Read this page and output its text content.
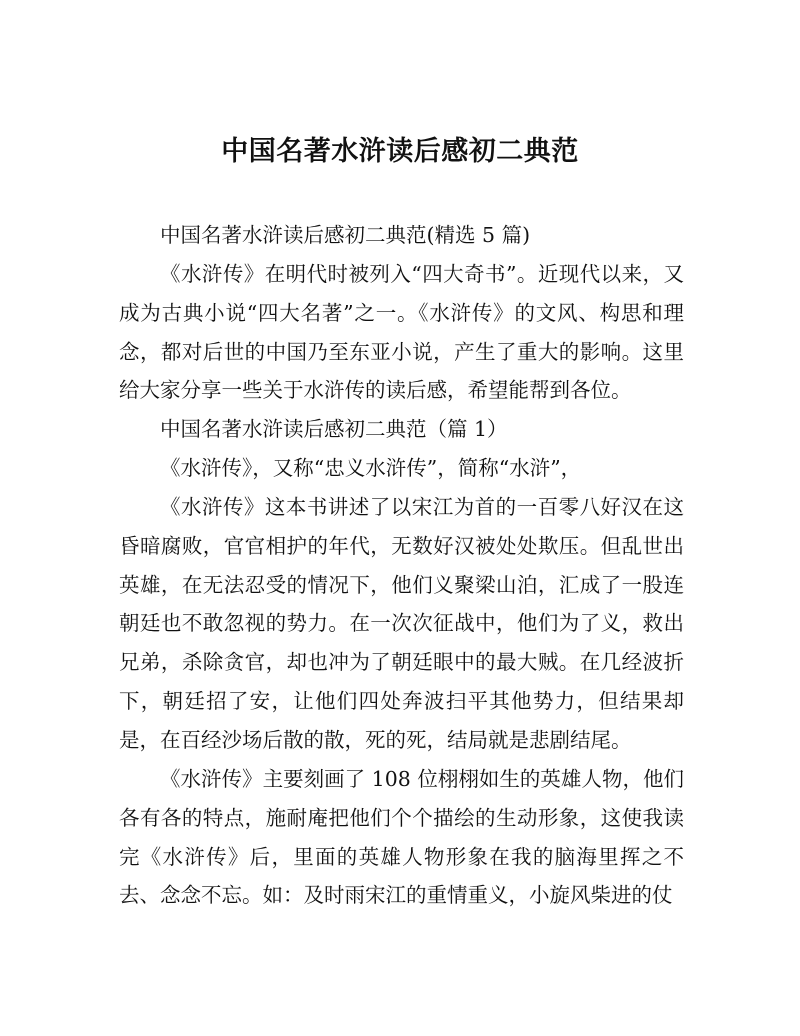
中国名著水浒读后感初二典范

中国名著水浒读后感初二典范(精选 5 篇)

《水浒传》在明代时被列入“四大奇书”。近现代以来，又成为古典小说“四大名著”之一。《水浒传》的文风、构思和理念，都对后世的中国乃至东亚小说，产生了重大的影响。这里给大家分享一些关于水浒传的读后感，希望能帮到各位。

中国名著水浒读后感初二典范（篇 1）

《水浒传》，又称“忠义水浒传”，简称“水浒”，

《水浒传》这本书讲述了以宋江为首的一百零八好汉在这昏暗腐败，官官相护的年代，无数好汉被处处欺压。但乱世出英雄，在无法忍受的情况下，他们义聚梁山泊，汇成了一股连朝廷也不敢忽视的势力。在一次次征战中，他们为了义，救出兄弟，杀除贪官，却也冲为了朝廷眼中的最大贼。在几经波折下，朝廷招了安，让他们四处奔波扫平其他势力，但结果却是，在百经沙场后散的散，死的死，结局就是悲剧结尾。

《水浒传》主要刻画了 108 位栩栩如生的英雄人物，他们各有各的特点，施耐庵把他们个个描绘的生动形象，这使我读完《水浒传》后，里面的英雄人物形象在我的脑海里挥之不去、念念不忘。如：及时雨宋江的重情重义，小旋风柴进的仗
